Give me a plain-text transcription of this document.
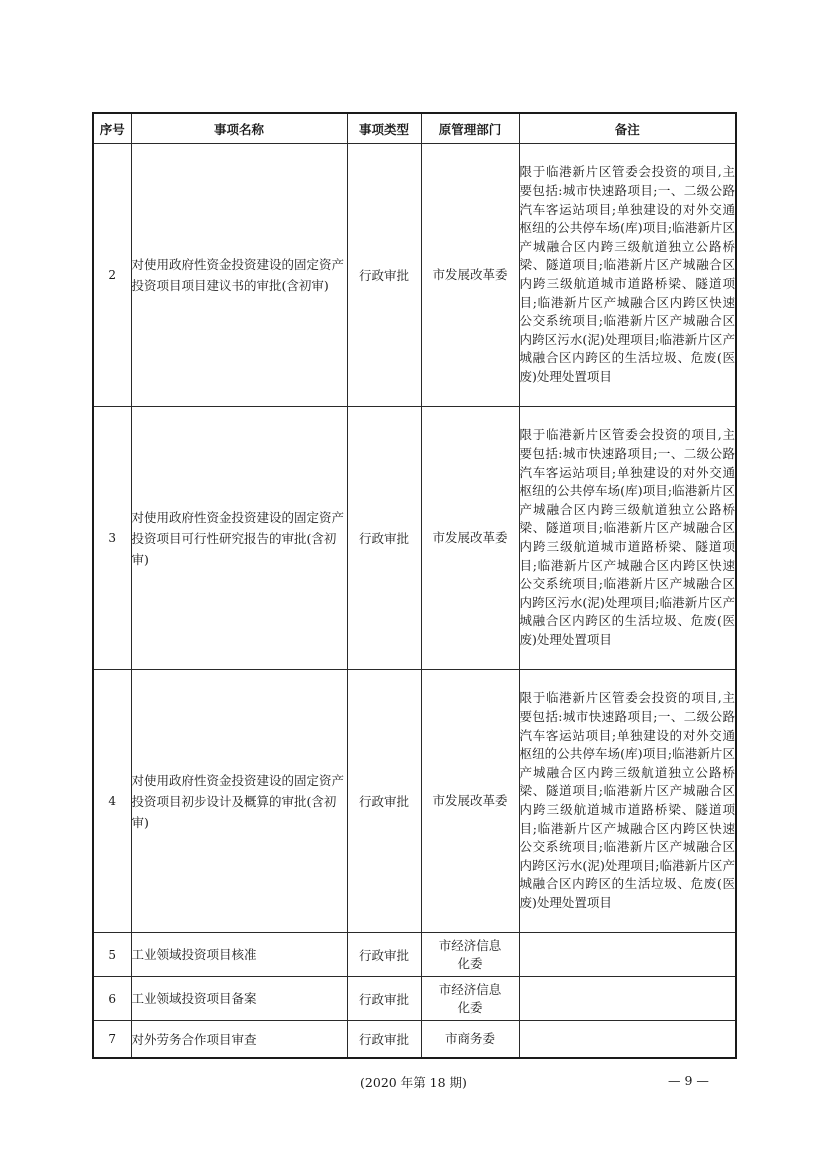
序号	事项名称	事项类型	原管理部门	备注
2	对使用政府性资金投资建设的固定资产投资项目项目建议书的审批(含初审)	行政审批	市发展改革委	限于临港新片区管委会投资的项目,主要包括:城市快速路项目;一、二级公路汽车客运站项目;单独建设的对外交通枢纽的公共停车场(库)项目;临港新片区产城融合区内跨三级航道独立公路桥梁、隧道项目;临港新片区产城融合区内跨三级航道城市道路桥梁、隧道项目;临港新片区产城融合区内跨区快速公交系统项目;临港新片区产城融合区内跨区污水(泥)处理项目;临港新片区产城融合区内跨区的生活垃圾、危废(医废)处理处置项目
3	对使用政府性资金投资建设的固定资产投资项目可行性研究报告的审批(含初审)	行政审批	市发展改革委	限于临港新片区管委会投资的项目,主要包括:城市快速路项目;一、二级公路汽车客运站项目;单独建设的对外交通枢纽的公共停车场(库)项目;临港新片区产城融合区内跨三级航道独立公路桥梁、隧道项目;临港新片区产城融合区内跨三级航道城市道路桥梁、隧道项目;临港新片区产城融合区内跨区快速公交系统项目;临港新片区产城融合区内跨区污水(泥)处理项目;临港新片区产城融合区内跨区的生活垃圾、危废(医废)处理处置项目
4	对使用政府性资金投资建设的固定资产投资项目初步设计及概算的审批(含初审)	行政审批	市发展改革委	限于临港新片区管委会投资的项目,主要包括:城市快速路项目;一、二级公路汽车客运站项目;单独建设的对外交通枢纽的公共停车场(库)项目;临港新片区产城融合区内跨三级航道独立公路桥梁、隧道项目;临港新片区产城融合区内跨三级航道城市道路桥梁、隧道项目;临港新片区产城融合区内跨区快速公交系统项目;临港新片区产城融合区内跨区污水(泥)处理项目;临港新片区产城融合区内跨区的生活垃圾、危废(医废)处理处置项目
5	工业领域投资项目核准	行政审批	市经济信息化委	
6	工业领域投资项目备案	行政审批	市经济信息化委	
7	对外劳务合作项目审查	行政审批	市商务委	
(2020 年第 18 期)	— 9 —
